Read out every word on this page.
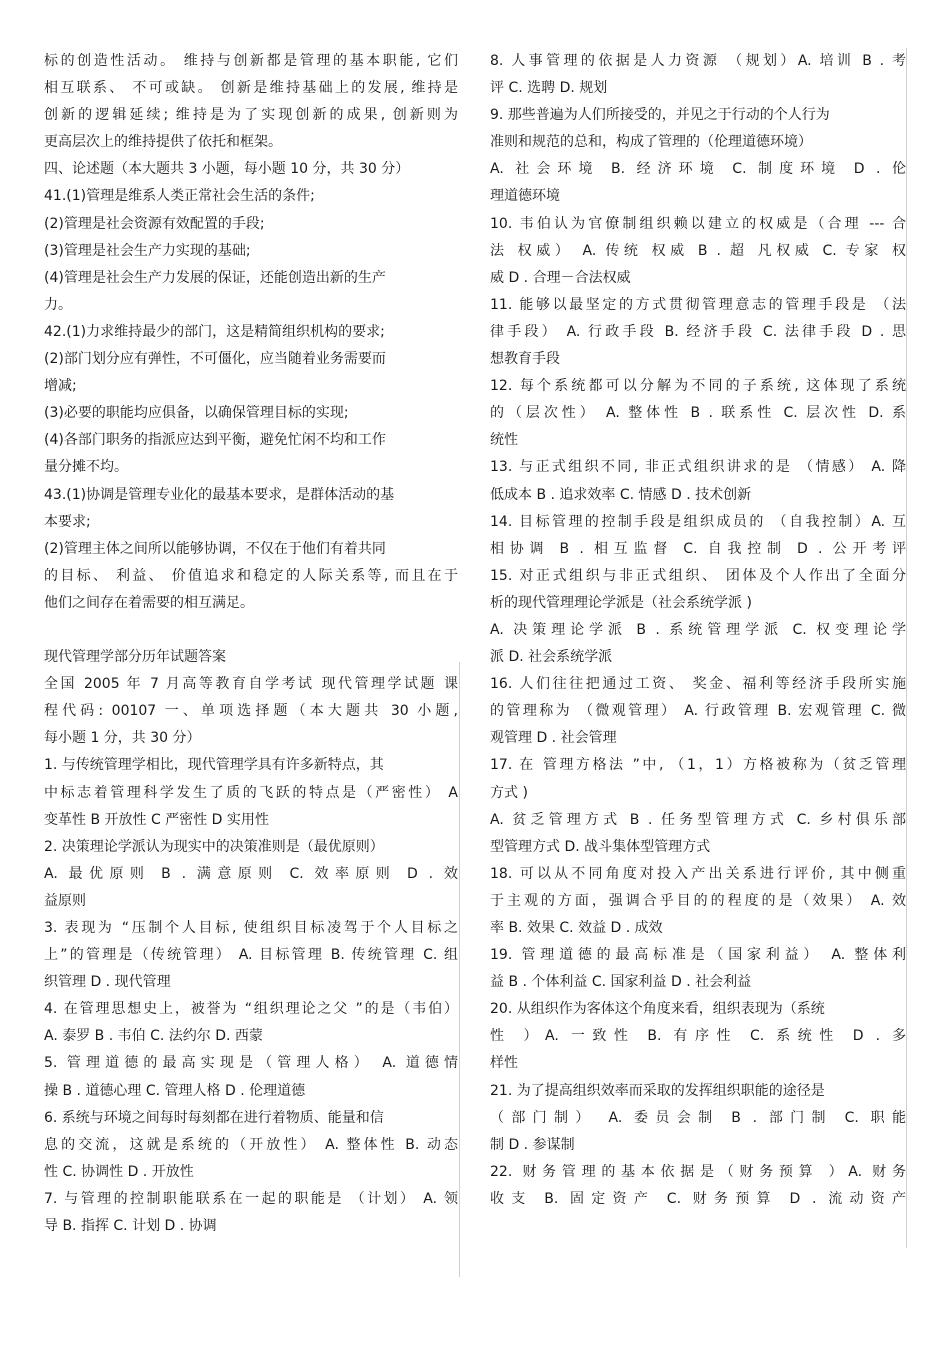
标的创造性活动。 维持与创新都是管理的基本职能, 它们
相互联系、 不可或缺。 创新是维持基础上的发展, 维持是
创新的逻辑延续; 维持是为了实现创新的成果, 创新则为
更高层次上的维持提供了依托和框架。
四、论述题（本大题共 3 小题，每小题 10 分，共 30 分）
41.(1)管理是维系人类正常社会生活的条件;
(2)管理是社会资源有效配置的手段;
(3)管理是社会生产力实现的基础;
(4)管理是社会生产力发展的保证，还能创造出新的生产
力。
42.(1)力求维持最少的部门，这是精简组织机构的要求;
(2)部门划分应有弹性，不可僵化，应当随着业务需要而
增减;
(3)必要的职能均应俱备，以确保管理目标的实现;
(4)各部门职务的指派应达到平衡，避免忙闲不均和工作
量分摊不均。
43.(1)协调是管理专业化的最基本要求，是群体活动的基
本要求;
(2)管理主体之间所以能够协调，不仅在于他们有着共同
的目标、 利益、 价值追求和稳定的人际关系等, 而且在于
他们之间存在着需要的相互满足。
现代管理学部分历年试题答案
全国 2005 年 7 月高等教育自学考试 现代管理学试题 课
程代码: 00107 一、单项选择题（本大题共 30 小题,
每小题 1 分，共 30 分）
1. 与传统管理学相比，现代管理学具有许多新特点，其
中标志着管理科学发生了质的飞跃的特点是（严密性） A
变革性 B 开放性 C 严密性 D 实用性
2. 决策理论学派认为现实中的决策准则是（最优原则）
A. 最优原则 B . 满意原则 C. 效率原则 D . 效
益原则
3. 表现为 “压制个人目标, 使组织目标凌驾于个人目标之
上”的管理是（传统管理） A. 目标管理 B. 传统管理 C. 组
织管理 D . 现代管理
4. 在管理思想史上，被誉为 “组织理论之父 ”的是（韦伯）
A. 泰罗 B . 韦伯 C. 法约尔 D. 西蒙
5. 管理道德的最高实现是（管理人格） A. 道德情
操 B . 道德心理 C. 管理人格 D . 伦理道德
6. 系统与环境之间每时每刻都在进行着物质、能量和信
息的交流，这就是系统的（开放性） A. 整体性 B. 动态
性 C. 协调性 D . 开放性
7. 与管理的控制职能联系在一起的职能是 （计划） A. 领
导 B. 指挥 C. 计划 D . 协调
8. 人事管理的依据是人力资源 （规划）A. 培训 B . 考
评 C. 选聘 D. 规划
9. 那些普遍为人们所接受的，并见之于行动的个人行为
准则和规范的总和，构成了管理的（伦理道德环境）
A. 社会环境 B. 经济环境 C. 制度环境 D . 伦
理道德环境
10. 韦伯认为官僚制组织赖以建立的权威是（合理 --- 合
法 权威） A. 传统 权威 B . 超 凡权威 C. 专家 权
威 D . 合理－合法权威
11. 能够以最坚定的方式贯彻管理意志的管理手段是 （法
律手段） A. 行政手段 B. 经济手段 C. 法律手段 D . 思
想教育手段
12. 每个系统都可以分解为不同的子系统, 这体现了系统
的（层次性） A. 整体性 B . 联系性 C. 层次性 D. 系
统性
13. 与正式组织不同, 非正式组织讲求的是 （情感） A. 降
低成本 B . 追求效率 C. 情感 D . 技术创新
14. 目标管理的控制手段是组织成员的 （自我控制）A. 互
相协调 B . 相互监督 C. 自我控制 D . 公开考评
15. 对正式组织与非正式组织、 团体及个人作出了全面分
析的现代管理理论学派是（社会系统学派 )
A. 决策理论学派 B . 系统管理学派 C. 权变理论学
派 D. 社会系统学派
16. 人们往往把通过工资、 奖金、福利等经济手段所实施
的管理称为 （微观管理） A. 行政管理 B. 宏观管理 C. 微
观管理 D . 社会管理
17. 在 管理方格法 ”中, （1，1）方格被称为（贫乏管理
方式 )
A. 贫乏管理方式 B . 任务型管理方式 C. 乡村俱乐部
型管理方式 D. 战斗集体型管理方式
18. 可以从不同角度对投入产出关系进行评价, 其中侧重
于主观的方面，强调合乎目的的程度的是（效果） A. 效
率 B. 效果 C. 效益 D . 成效
19. 管理道德的最高标准是（国家利益） A. 整体利
益 B . 个体利益 C. 国家利益 D . 社会利益
20. 从组织作为客体这个角度来看，组织表现为（系统
性 ）A. 一致性 B. 有序性 C. 系统性 D . 多
样性
21. 为了提高组织效率而采取的发挥组织职能的途径是
（部门制） A. 委员会制 B . 部门制 C. 职能
制 D . 参谋制
22. 财务管理的基本依据是（财务预算 ）A. 财务
收支 B. 固定资产 C. 财务预算 D . 流动资产
